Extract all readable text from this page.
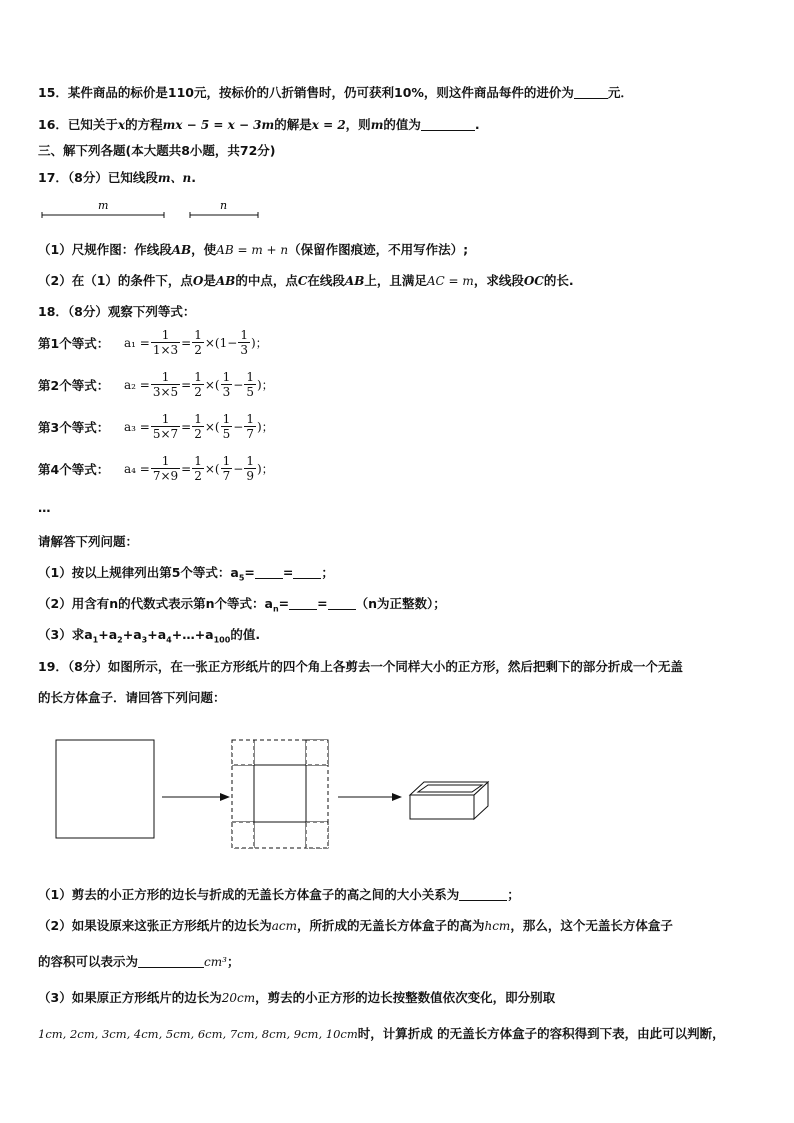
15．某件商品的标价是110元，按标价的八折销售时，仍可获利10%，则这件商品每件的进价为	元．
16．已知关于x的方程mx − 5 = x − 3m的解是x = 2，则m的值为	.
三、解下列各题(本大题共8小题，共72分)
17．（8分）已知线段m、n.
m	n
（1）尺规作图：作线段AB，使AB = m + n（保留作图痕迹，不用写作法）;
（2）在（1）的条件下，点O是AB的中点，点C在线段AB上，且满足AC = m，求线段OC的长.
18．（8分）观察下列等式：
第1个等式：	$a_1 = \frac{1}{1\times 3} = \frac{1}{2} \times(1- \frac{1}{3}$ )；
第2个等式：	$a_2 = \frac{1}{3\times 5} = \frac{1}{2}$ ×( $\frac{1}{3} - \frac{1}{5}$ )；
第3个等式：	$a_3 = \frac{1}{5\times 7} = \frac{1}{2}$ ×( $\frac{1}{5} - \frac{1}{7}$ )；
第4个等式：	$a_4 = \frac{1}{7\times 9} = \frac{1}{2}$ ×( $\frac{1}{7} - \frac{1}{9}$ )；
…
请解答下列问题：
（1）按以上规律列出第5个等式：$a_5=$ = ；
（2）用含有n的代数式表示第n个等式：$a_n= = (n$为正整数）；
（3）求$a_1+a_2+a_3+a_4+\dots+a_{100}$的值.
19．（8分）如图所示，在一张正方形纸片的四个角上各剪去一个同样大小的正方形，然后把剩下的部分折成一个无盖
的长方体盒子．请回答下列问题：
（1）剪去的小正方形的边长与折成的无盖长方体盒子的高之间的大小关系为	；
（2）如果设原来这张正方形纸片的边长为acm，所折成的无盖长方体盒子的高为hcm，那么，这个无盖长方体盒子
的容积可以表示为	cm³；
（3）如果原正方形纸片的边长为20cm，剪去的小正方形的边长按整数值依次变化，即分别取
1cm, 2cm, 3cm, 4cm, 5cm, 6cm, 7cm, 8cm, 9cm, 10cm时，计算折成 的无盖长方体盒子的容积得到下表，由此可以判断，
